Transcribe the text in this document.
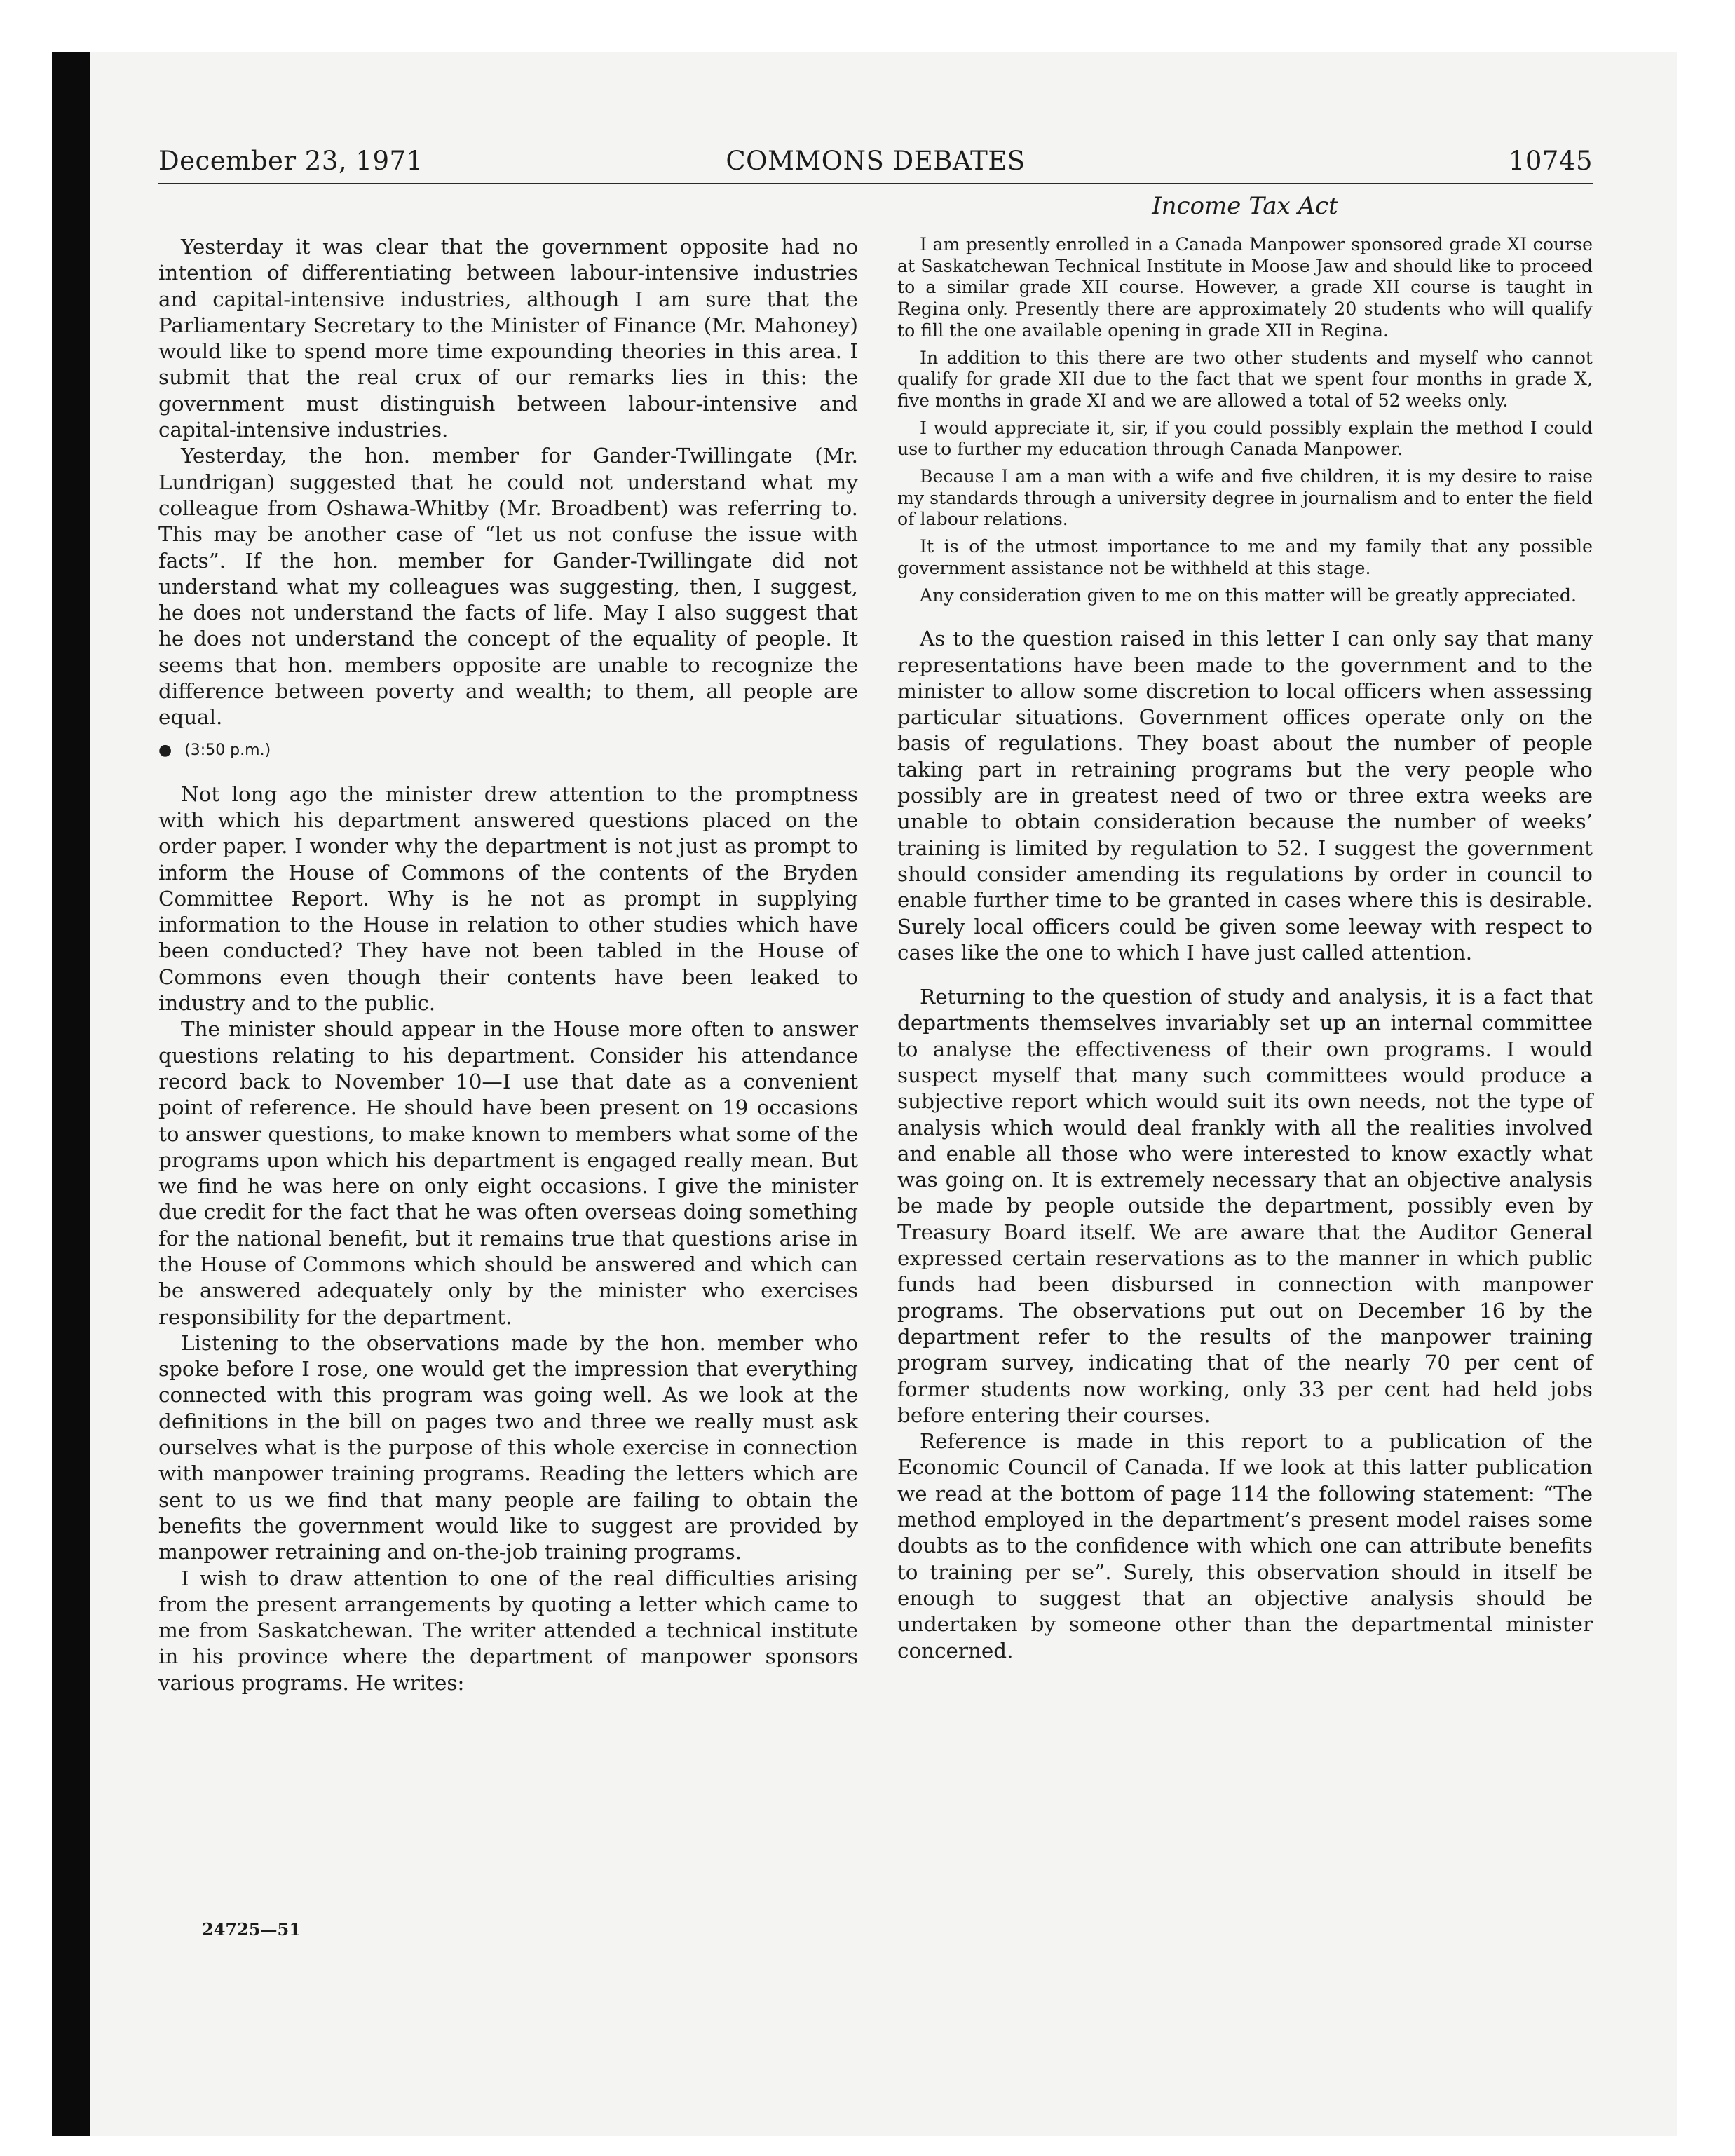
December 23, 1971	COMMONS DEBATES	10745
Income Tax Act

Yesterday it was clear that the government opposite had no intention of differentiating between labour-intensive industries and capital-intensive industries, although I am sure that the Parliamentary Secretary to the Minister of Finance (Mr. Mahoney) would like to spend more time expounding theories in this area. I submit that the real crux of our remarks lies in this: the government must distinguish between labour-intensive and capital-intensive industries.

Yesterday, the hon. member for Gander-Twillingate (Mr. Lundrigan) suggested that he could not understand what my colleague from Oshawa-Whitby (Mr. Broadbent) was referring to. This may be another case of “let us not confuse the issue with facts”. If the hon. member for Gander-Twillingate did not understand what my colleagues was suggesting, then, I suggest, he does not understand the facts of life. May I also suggest that he does not understand the concept of the equality of people. It seems that hon. members opposite are unable to recognize the difference between poverty and wealth; to them, all people are equal.

● (3:50 p.m.)

Not long ago the minister drew attention to the promptness with which his department answered questions placed on the order paper. I wonder why the department is not just as prompt to inform the House of Commons of the contents of the Bryden Committee Report. Why is he not as prompt in supplying information to the House in relation to other studies which have been conducted? They have not been tabled in the House of Commons even though their contents have been leaked to industry and to the public.

The minister should appear in the House more often to answer questions relating to his department. Consider his attendance record back to November 10—I use that date as a convenient point of reference. He should have been present on 19 occasions to answer questions, to make known to members what some of the programs upon which his department is engaged really mean. But we find he was here on only eight occasions. I give the minister due credit for the fact that he was often overseas doing something for the national benefit, but it remains true that questions arise in the House of Commons which should be answered and which can be answered adequately only by the minister who exercises responsibility for the department.

Listening to the observations made by the hon. member who spoke before I rose, one would get the impression that everything connected with this program was going well. As we look at the definitions in the bill on pages two and three we really must ask ourselves what is the purpose of this whole exercise in connection with manpower training programs. Reading the letters which are sent to us we find that many people are failing to obtain the benefits the government would like to suggest are provided by manpower retraining and on-the-job training programs.

I wish to draw attention to one of the real difficulties arising from the present arrangements by quoting a letter which came to me from Saskatchewan. The writer attended a technical institute in his province where the department of manpower sponsors various programs. He writes:

I am presently enrolled in a Canada Manpower sponsored grade XI course at Saskatchewan Technical Institute in Moose Jaw and should like to proceed to a similar grade XII course. However, a grade XII course is taught in Regina only. Presently there are approximately 20 students who will qualify to fill the one available opening in grade XII in Regina.

In addition to this there are two other students and myself who cannot qualify for grade XII due to the fact that we spent four months in grade X, five months in grade XI and we are allowed a total of 52 weeks only.

I would appreciate it, sir, if you could possibly explain the method I could use to further my education through Canada Manpower.

Because I am a man with a wife and five children, it is my desire to raise my standards through a university degree in journalism and to enter the field of labour relations.

It is of the utmost importance to me and my family that any possible government assistance not be withheld at this stage.

Any consideration given to me on this matter will be greatly appreciated.

As to the question raised in this letter I can only say that many representations have been made to the government and to the minister to allow some discretion to local officers when assessing particular situations. Government offices operate only on the basis of regulations. They boast about the number of people taking part in retraining programs but the very people who possibly are in greatest need of two or three extra weeks are unable to obtain consideration because the number of weeks’ training is limited by regulation to 52. I suggest the government should consider amending its regulations by order in council to enable further time to be granted in cases where this is desirable. Surely local officers could be given some leeway with respect to cases like the one to which I have just called attention.

Returning to the question of study and analysis, it is a fact that departments themselves invariably set up an internal committee to analyse the effectiveness of their own programs. I would suspect myself that many such committees would produce a subjective report which would suit its own needs, not the type of analysis which would deal frankly with all the realities involved and enable all those who were interested to know exactly what was going on. It is extremely necessary that an objective analysis be made by people outside the department, possibly even by Treasury Board itself. We are aware that the Auditor General expressed certain reservations as to the manner in which public funds had been disbursed in connection with manpower programs. The observations put out on December 16 by the department refer to the results of the manpower training program survey, indicating that of the nearly 70 per cent of former students now working, only 33 per cent had held jobs before entering their courses.

Reference is made in this report to a publication of the Economic Council of Canada. If we look at this latter publication we read at the bottom of page 114 the following statement: “The method employed in the department’s present model raises some doubts as to the confidence with which one can attribute benefits to training per se”. Surely, this observation should in itself be enough to suggest that an objective analysis should be undertaken by someone other than the departmental minister concerned.

24725—51
